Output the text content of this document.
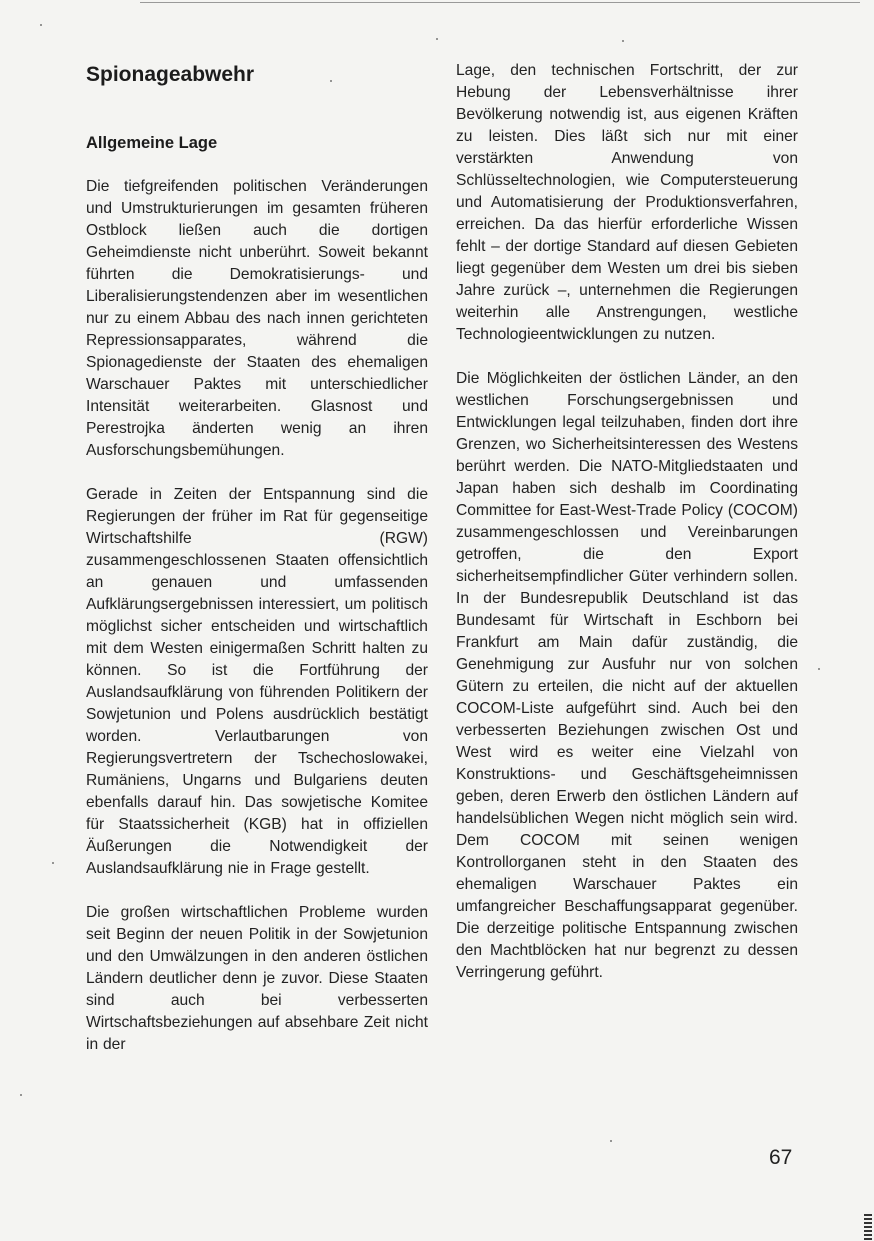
Spionageabwehr
Allgemeine Lage

Die tiefgreifenden politischen Veränderungen und Umstrukturierungen im gesamten früheren Ostblock ließen auch die dortigen Geheimdienste nicht unberührt. Soweit bekannt führten die Demokratisierungs- und Liberalisierungstendenzen aber im wesentlichen nur zu einem Abbau des nach innen gerichteten Repressionsapparates, während die Spionagedienste der Staaten des ehemaligen Warschauer Paktes mit unterschiedlicher Intensität weiterarbeiten. Glasnost und Perestrojka änderten wenig an ihren Ausforschungsbemühungen.

Gerade in Zeiten der Entspannung sind die Regierungen der früher im Rat für gegenseitige Wirtschaftshilfe (RGW) zusammengeschlossenen Staaten offensichtlich an genauen und umfassenden Aufklärungsergebnissen interessiert, um politisch möglichst sicher entscheiden und wirtschaftlich mit dem Westen einigermaßen Schritt halten zu können. So ist die Fortführung der Auslandsaufklärung von führenden Politikern der Sowjetunion und Polens ausdrücklich bestätigt worden. Verlautbarungen von Regierungsvertretern der Tschechoslowakei, Rumäniens, Ungarns und Bulgariens deuten ebenfalls darauf hin. Das sowjetische Komitee für Staatssicherheit (KGB) hat in offiziellen Äußerungen die Notwendigkeit der Auslandsaufklärung nie in Frage gestellt.

Die großen wirtschaftlichen Probleme wurden seit Beginn der neuen Politik in der Sowjetunion und den Umwälzungen in den anderen östlichen Ländern deutlicher denn je zuvor. Diese Staaten sind auch bei verbesserten Wirtschaftsbeziehungen auf absehbare Zeit nicht in der

Lage, den technischen Fortschritt, der zur Hebung der Lebensverhältnisse ihrer Bevölkerung notwendig ist, aus eigenen Kräften zu leisten. Dies läßt sich nur mit einer verstärkten Anwendung von Schlüsseltechnologien, wie Computersteuerung und Automatisierung der Produktionsverfahren, erreichen. Da das hierfür erforderliche Wissen fehlt – der dortige Standard auf diesen Gebieten liegt gegenüber dem Westen um drei bis sieben Jahre zurück –, unternehmen die Regierungen weiterhin alle Anstrengungen, westliche Technologieentwicklungen zu nutzen.

Die Möglichkeiten der östlichen Länder, an den westlichen Forschungsergebnissen und Entwicklungen legal teilzuhaben, finden dort ihre Grenzen, wo Sicherheitsinteressen des Westens berührt werden. Die NATO-Mitgliedstaaten und Japan haben sich deshalb im Coordinating Committee for East-West-Trade Policy (COCOM) zusammengeschlossen und Vereinbarungen getroffen, die den Export sicherheitsempfindlicher Güter verhindern sollen. In der Bundesrepublik Deutschland ist das Bundesamt für Wirtschaft in Eschborn bei Frankfurt am Main dafür zuständig, die Genehmigung zur Ausfuhr nur von solchen Gütern zu erteilen, die nicht auf der aktuellen COCOM-Liste aufgeführt sind. Auch bei den verbesserten Beziehungen zwischen Ost und West wird es weiter eine Vielzahl von Konstruktions- und Geschäftsgeheimnissen geben, deren Erwerb den östlichen Ländern auf handelsüblichen Wegen nicht möglich sein wird. Dem COCOM mit seinen wenigen Kontrollorganen steht in den Staaten des ehemaligen Warschauer Paktes ein umfangreicher Beschaffungsapparat gegenüber. Die derzeitige politische Entspannung zwischen den Machtblöcken hat nur begrenzt zu dessen Verringerung geführt.

67
